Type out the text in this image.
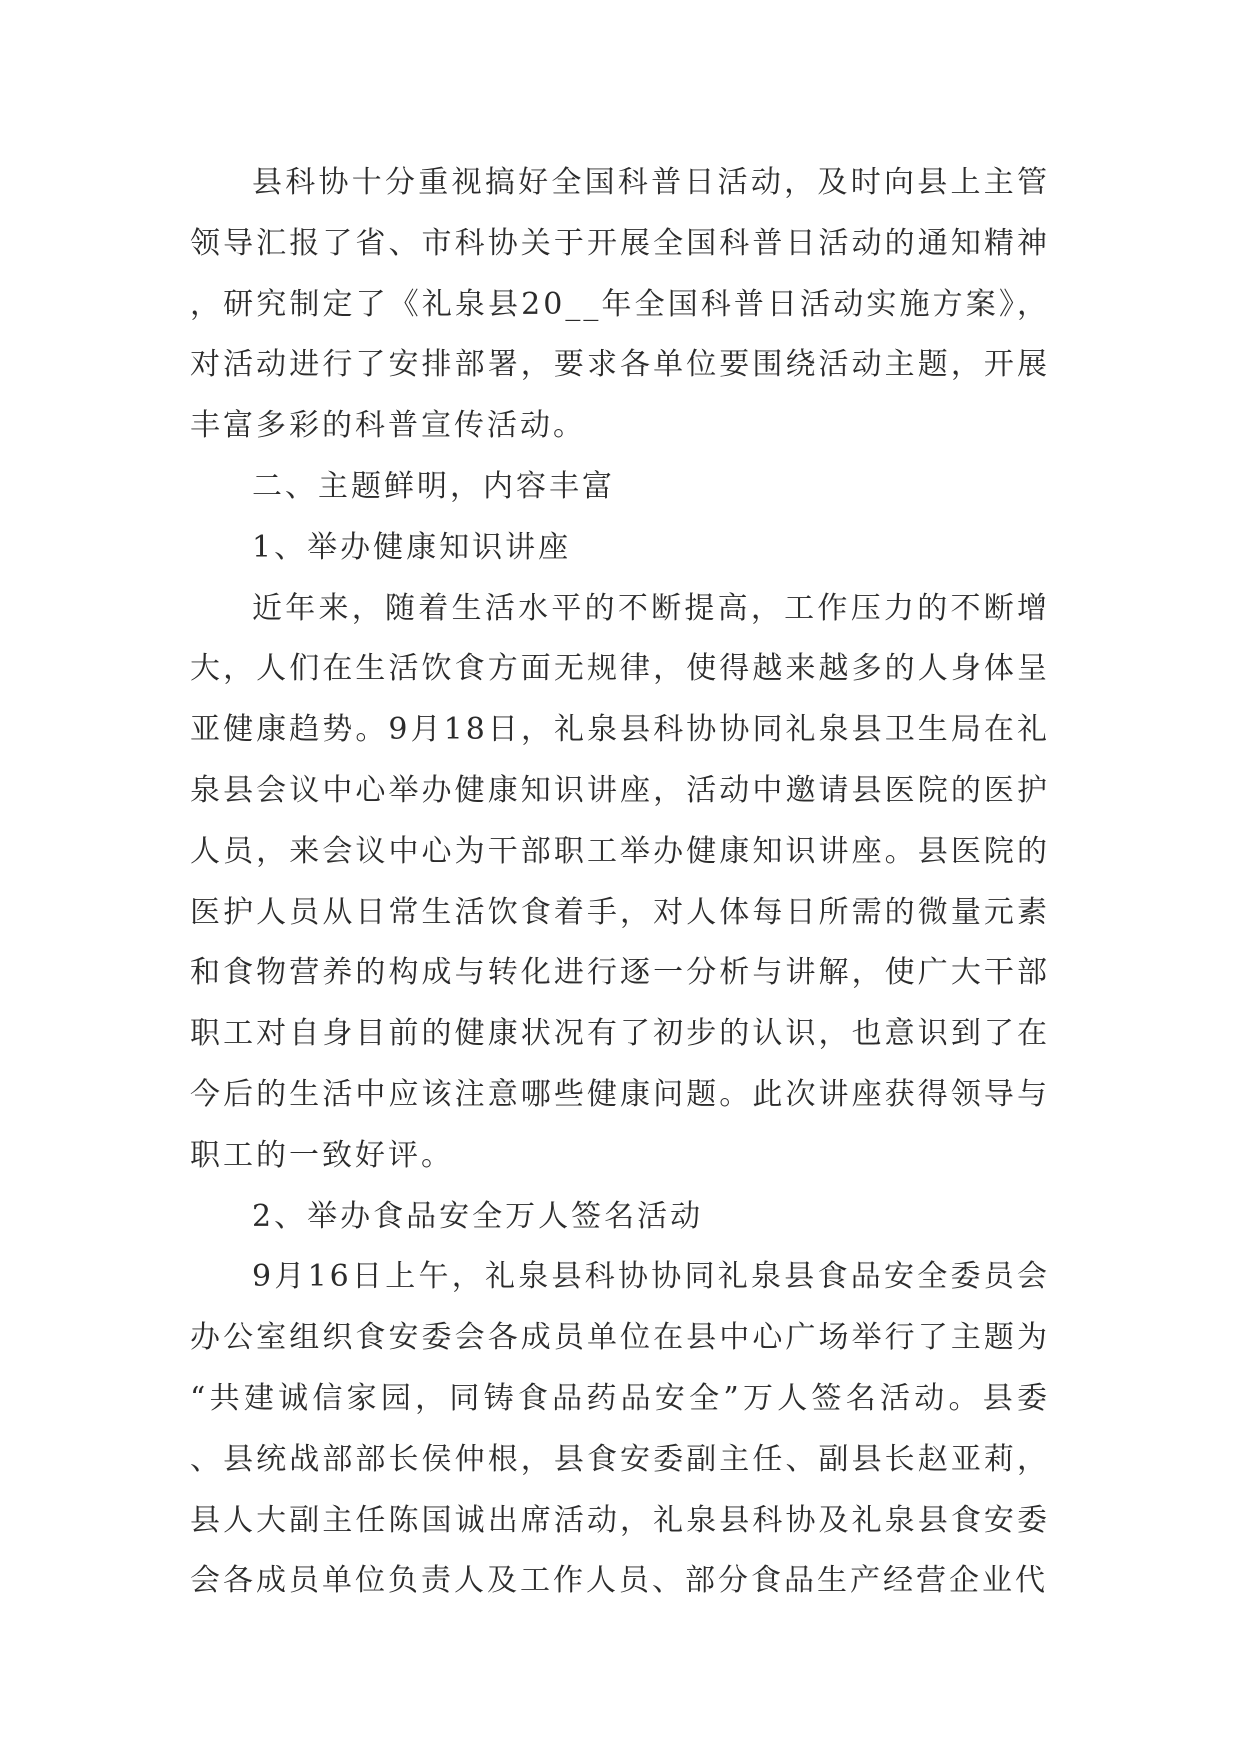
县科协十分重视搞好全国科普日活动，及时向县上主管领导汇报了省、市科协关于开展全国科普日活动的通知精神，研究制定了《礼泉县20__年全国科普日活动实施方案》，对活动进行了安排部署，要求各单位要围绕活动主题，开展丰富多彩的科普宣传活动。

二、主题鲜明，内容丰富

1、举办健康知识讲座

近年来，随着生活水平的不断提高，工作压力的不断增大，人们在生活饮食方面无规律，使得越来越多的人身体呈亚健康趋势。9月18日，礼泉县科协协同礼泉县卫生局在礼泉县会议中心举办健康知识讲座，活动中邀请县医院的医护人员，来会议中心为干部职工举办健康知识讲座。县医院的医护人员从日常生活饮食着手，对人体每日所需的微量元素和食物营养的构成与转化进行逐一分析与讲解，使广大干部职工对自身目前的健康状况有了初步的认识，也意识到了在今后的生活中应该注意哪些健康问题。此次讲座获得领导与职工的一致好评。

2、举办食品安全万人签名活动

9月16日上午，礼泉县科协协同礼泉县食品安全委员会办公室组织食安委会各成员单位在县中心广场举行了主题为“共建诚信家园，同铸食品药品安全”万人签名活动。县委、县统战部部长侯仲根，县食安委副主任、副县长赵亚莉，县人大副主任陈国诚出席活动，礼泉县科协及礼泉县食安委会各成员单位负责人及工作人员、部分食品生产经营企业代
